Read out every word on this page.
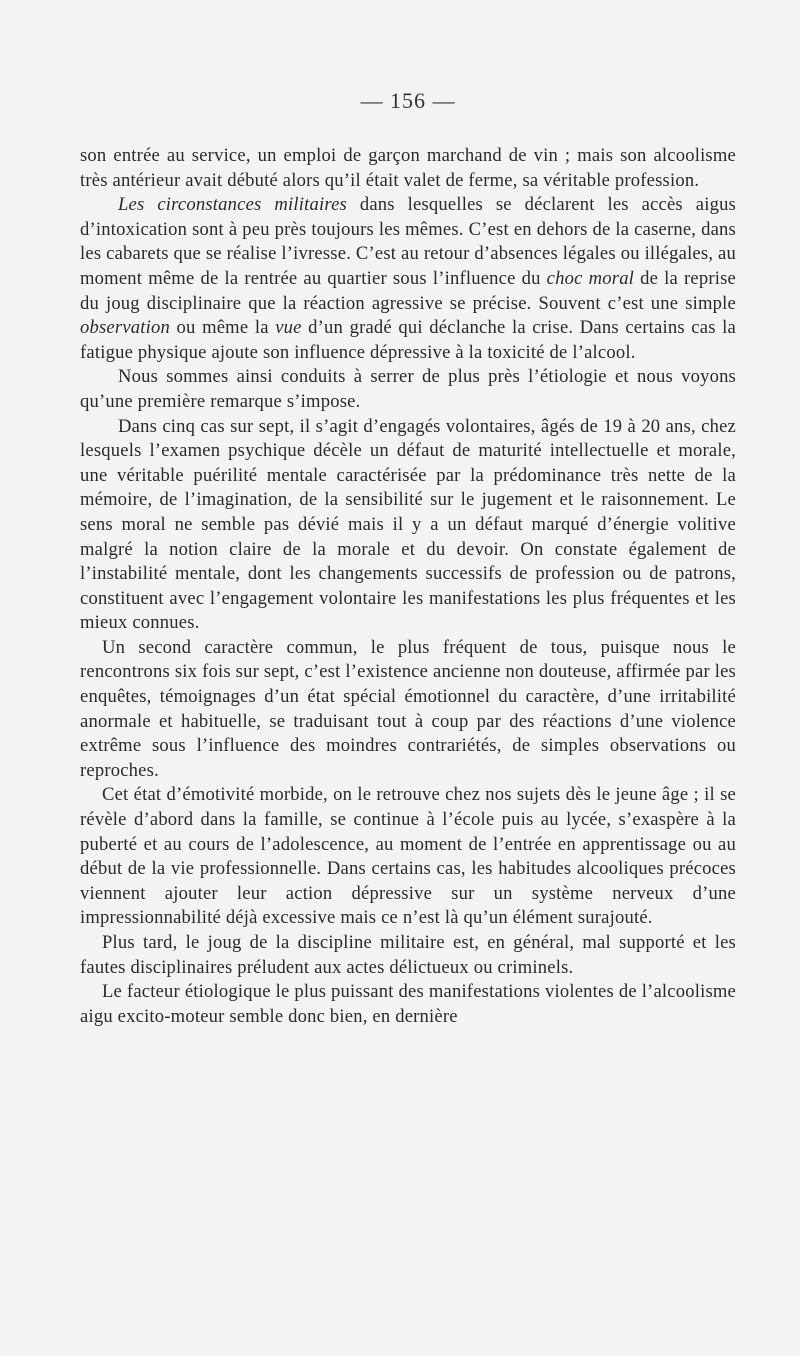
— 156 —

son entrée au service, un emploi de garçon marchand de vin ; mais son alcoolisme très antérieur avait débuté alors qu’il était valet de ferme, sa véritable profession.

Les circonstances militaires dans lesquelles se déclarent les accès aigus d’intoxication sont à peu près toujours les mêmes. C’est en dehors de la caserne, dans les cabarets que se réalise l’ivresse. C’est au retour d’absences légales ou illégales, au moment même de la rentrée au quartier sous l’influence du choc moral de la reprise du joug disciplinaire que la réaction agressive se précise. Souvent c’est une simple observation ou même la vue d’un gradé qui déclanche la crise. Dans certains cas la fatigue physique ajoute son influence dépressive à la toxicité de l’alcool.

Nous sommes ainsi conduits à serrer de plus près l’étiologie et nous voyons qu’une première remarque s’impose.

Dans cinq cas sur sept, il s’agit d’engagés volontaires, âgés de 19 à 20 ans, chez lesquels l’examen psychique décèle un défaut de maturité intellectuelle et morale, une véritable puérilité mentale caractérisée par la prédominance très nette de la mémoire, de l’imagination, de la sensibilité sur le jugement et le raisonnement. Le sens moral ne semble pas dévié mais il y a un défaut marqué d’énergie volitive malgré la notion claire de la morale et du devoir. On constate également de l’instabilité mentale, dont les changements successifs de profession ou de patrons, constituent avec l’engagement volontaire les manifestations les plus fréquentes et les mieux connues.

Un second caractère commun, le plus fréquent de tous, puisque nous le rencontrons six fois sur sept, c’est l’existence ancienne non douteuse, affirmée par les enquêtes, témoignages d’un état spécial émotionnel du caractère, d’une irritabilité anormale et habituelle, se traduisant tout à coup par des réactions d’une violence extrême sous l’influence des moindres contrariétés, de simples observations ou reproches.

Cet état d’émotivité morbide, on le retrouve chez nos sujets dès le jeune âge ; il se révèle d’abord dans la famille, se continue à l’école puis au lycée, s’exaspère à la puberté et au cours de l’adolescence, au moment de l’entrée en apprentissage ou au début de la vie professionnelle. Dans certains cas, les habitudes alcooliques précoces viennent ajouter leur action dépressive sur un système nerveux d’une impressionnabilité déjà excessive mais ce n’est là qu’un élément surajouté.

Plus tard, le joug de la discipline militaire est, en général, mal supporté et les fautes disciplinaires préludent aux actes délictueux ou criminels.

Le facteur étiologique le plus puissant des manifestations violentes de l’alcoolisme aigu excito-moteur semble donc bien, en dernière
